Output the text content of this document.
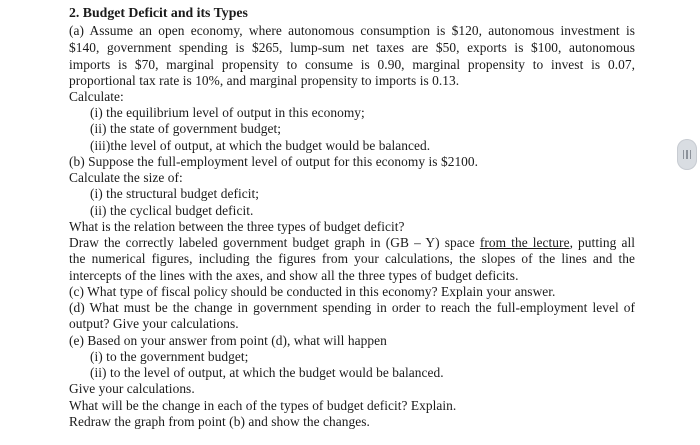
2. Budget Deficit and its Types
(a) Assume an open economy, where autonomous consumption is $120, autonomous investment is
$140, government spending is $265, lump-sum net taxes are $50, exports is $100, autonomous
imports is $70, marginal propensity to consume is 0.90, marginal propensity to invest is 0.07,
proportional tax rate is 10%, and marginal propensity to imports is 0.13.
Calculate:
(i) the equilibrium level of output in this economy;
(ii) the state of government budget;
(iii)the level of output, at which the budget would be balanced.
(b) Suppose the full-employment level of output for this economy is $2100.
Calculate the size of:
(i) the structural budget deficit;
(ii) the cyclical budget deficit.
What is the relation between the three types of budget deficit?
Draw the correctly labeled government budget graph in (GB – Y) space from the lecture, putting all
the numerical figures, including the figures from your calculations, the slopes of the lines and the
intercepts of the lines with the axes, and show all the three types of budget deficits.
(c) What type of fiscal policy should be conducted in this economy? Explain your answer.
(d) What must be the change in government spending in order to reach the full-employment level of
output? Give your calculations.
(e) Based on your answer from point (d), what will happen
(i) to the government budget;
(ii) to the level of output, at which the budget would be balanced.
Give your calculations.
What will be the change in each of the types of budget deficit? Explain.
Redraw the graph from point (b) and show the changes.
